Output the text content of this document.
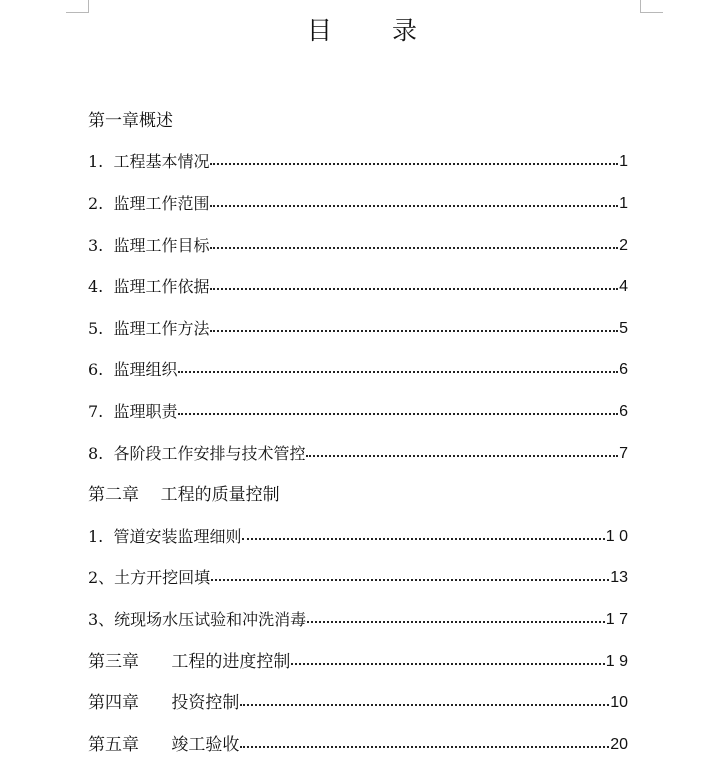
目 录
第一章概述
1.  工程基本情况	1
2.  监理工作范围	1
3.  监理工作目标	2
4.  监理工作依据	4
5.  监理工作方法	5
6.  监理组织	6
7.  监理职责	6
8.  各阶段工作安排与技术管控	7
第二章    工程的质量控制
1.  管道安装监理细则	1 0
2、土方开挖回填	13
3、统现场水压试验和冲洗消毒	1 7
第三章      工程的进度控制	1 9
第四章      投资控制	10
第五章      竣工验收	20
